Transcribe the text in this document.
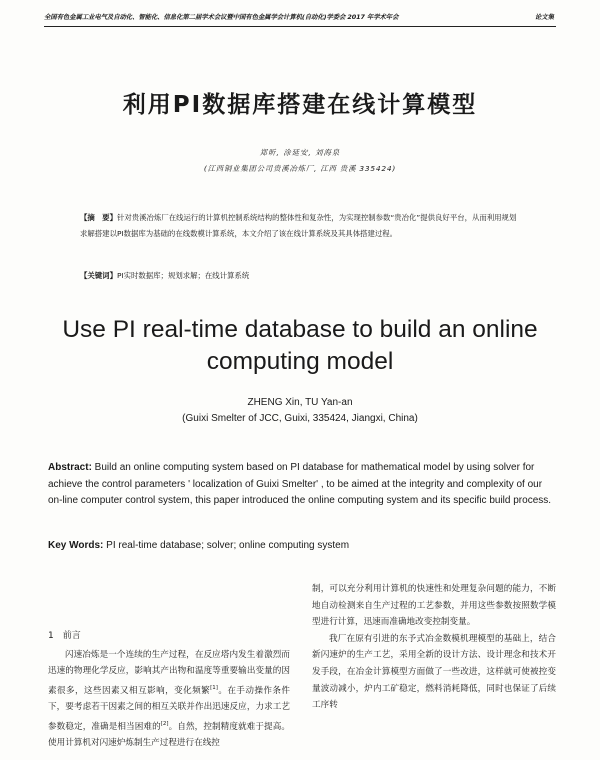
全国有色金属工业电气及自动化、智能化、信息化第二届学术会议暨中国有色金属学会计算机(自动化)学委会 2017 年学术年会	论文集
利用PI数据库搭建在线计算模型
郑昕, 涂延安, 刘海泉
(江西铜业集团公司贵溪冶炼厂, 江西 贵溪 335424)
【摘　要】针对贵溪冶炼厂在线运行的计算机控制系统结构的整体性和复杂性，为实现控制参数“贵冶化”提供良好平台，从而利用规划求解搭建以PI数据库为基础的在线数模计算系统，本文介绍了该在线计算系统及其具体搭建过程。
【关键词】PI实时数据库；规划求解；在线计算系统
Use PI real-time database to build an online computing model
ZHENG Xin, TU Yan-an
(Guixi Smelter of JCC, Guixi, 335424, Jiangxi, China)
Abstract: Build an online computing system based on PI database for mathematical model by using solver for achieve the control parameters ' localization of Guixi Smelter' , to be aimed at the integrity and complexity of our on-line computer control system, this paper introduced the online computing system and its specific build process.
Key Words: PI real-time database; solver; online computing system
1　前言

闪速冶炼是一个连续的生产过程，在反应塔内发生着激烈而迅速的物理化学反应，影响其产出物和温度等重要输出变量的因素很多，这些因素又相互影响，变化频繁[1]。在手动操作条件下，要考虑若干因素之间的相互关联并作出迅速反应，力求工艺参数稳定，准确是相当困难的[2]。自然，控制精度就难于提高。使用计算机对闪速炉炼制生产过程进行在线控

制，可以充分利用计算机的快速性和处理复杂问题的能力，不断地自动检测来自生产过程的工艺参数，并用这些参数按照数学模型进行计算，迅速而准确地改变控制变量。

我厂在原有引进的东予式冶金数模机理模型的基础上，结合新闪速炉的生产工艺，采用全新的设计方法、设计理念和技术开发手段，在冶金计算模型方面做了一些改进，这样就可使被控变量波动减小，炉内工矿稳定，燃料消耗降低，同时也保证了后续工序转
